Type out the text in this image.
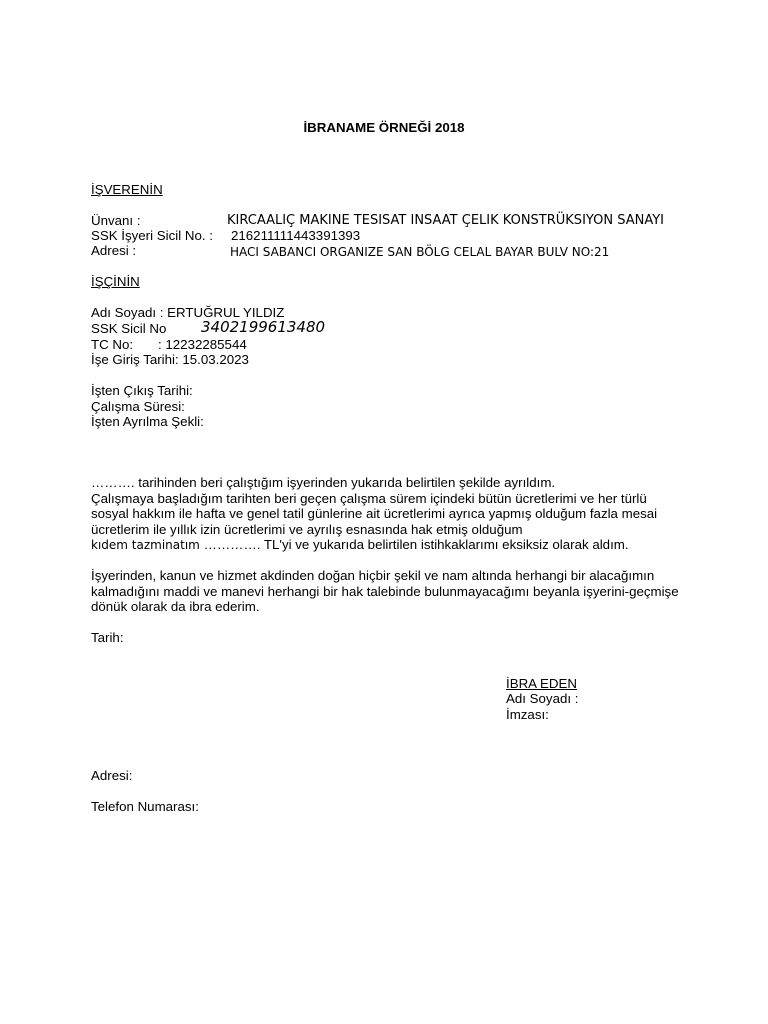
İBRANAME ÖRNEĞİ 2018
İŞVERENİN
Ünvanı :	KIRCAALIÇ MAKINE TESISAT INSAAT ÇELIK KONSTRÜKSIYON SANAYI
SSK İşyeri Sicil No. : 216211111443391393
Adresi :	HACI SABANCI ORGANIZE SAN BÖLG CELAL BAYAR BULV NO:21
İŞÇİNİN
Adı Soyadı : ERTUĞRUL YILDIZ
SSK Sicil No 3402199613480
TC No: : 12232285544
İşe Giriş Tarihi: 15.03.2023
İşten Çıkış Tarihi:
Çalışma Süresi:
İşten Ayrılma Şekli:
………. tarihinden beri çalıştığım işyerinden yukarıda belirtilen şekilde ayrıldım.
Çalışmaya başladığım tarihten beri geçen çalışma sürem içindeki bütün ücretlerimi ve her türlü
sosyal hakkım ile hafta ve genel tatil günlerine ait ücretlerimi ayrıca yapmış olduğum fazla mesai
ücretlerim ile yıllık izin ücretlerimi ve ayrılış esnasında hak etmiş olduğum
kıdem tazminatım …………. TL'yi ve yukarıda belirtilen istihkaklarımı eksiksiz olarak aldım.
İşyerinden, kanun ve hizmet akdinden doğan hiçbir şekil ve nam altında herhangi bir alacağımın
kalmadığını maddi ve manevi herhangi bir hak talebinde bulunmayacağımı beyanla işyerini-geçmişe
dönük olarak da ibra ederim.
Tarih:
İBRA EDEN
Adı Soyadı :
İmzası:
Adresi:
Telefon Numarası:
